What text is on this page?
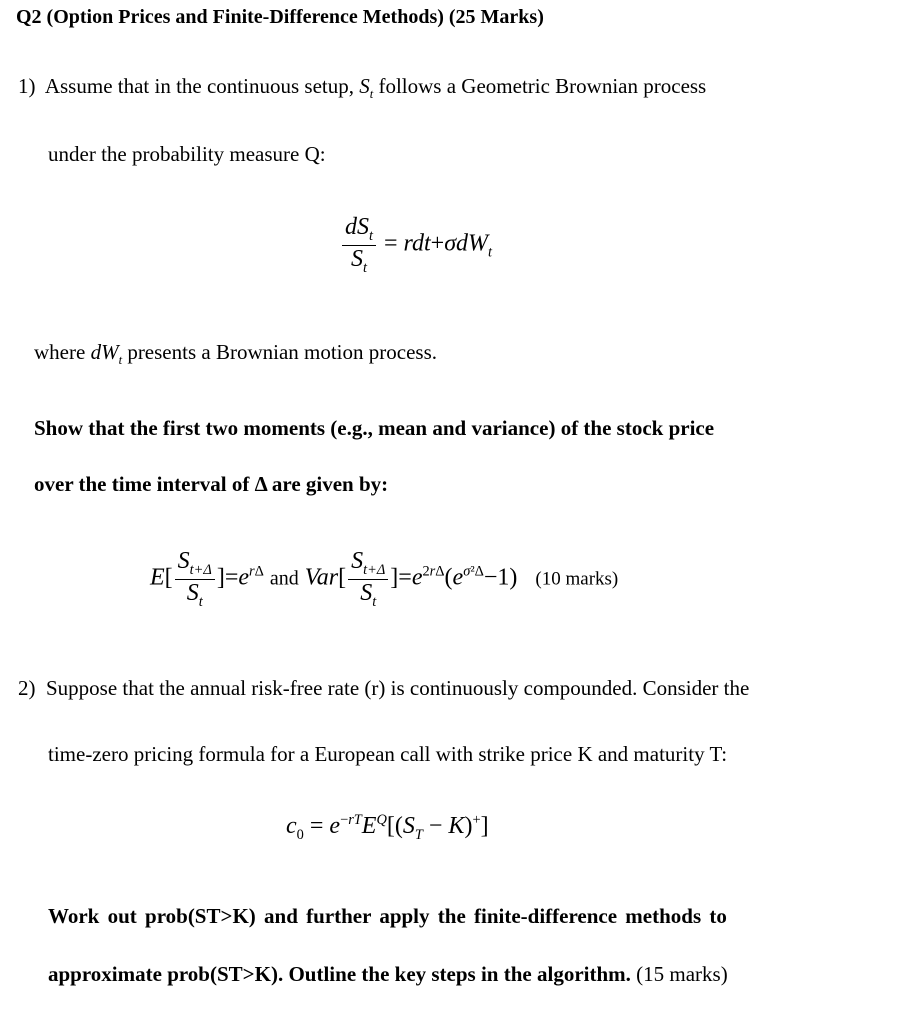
Q2 (Option Prices and Finite-Difference Methods) (25 Marks)
1) Assume that in the continuous setup, $S_t$ follows a Geometric Brownian process
under the probability measure Q:
$\frac{dS_t}{S_t} = rdt+\sigma dW_t$
where $dW_t$ presents a Brownian motion process.
Show that the first two moments (e.g., mean and variance) of the stock price
over the time interval of Δ are given by:
$E[ \frac{S_{t+\Delta}}{S_t} ]=e^{r\Delta}$ and $Var[ \frac{S_{t+\Delta}}{S_t} ]=e^{2r\Delta}(e^{\sigma^2\Delta}-1)$   (10 marks)
2) Suppose that the annual risk-free rate (r) is continuously compounded. Consider the
time-zero pricing formula for a European call with strike price K and maturity T:
$c_0 = e^{-rT}E^Q[(S_T - K)^+]$
Work out prob(ST>K) and further apply the finite-difference methods to
approximate prob(ST>K). Outline the key steps in the algorithm. (15 marks)
